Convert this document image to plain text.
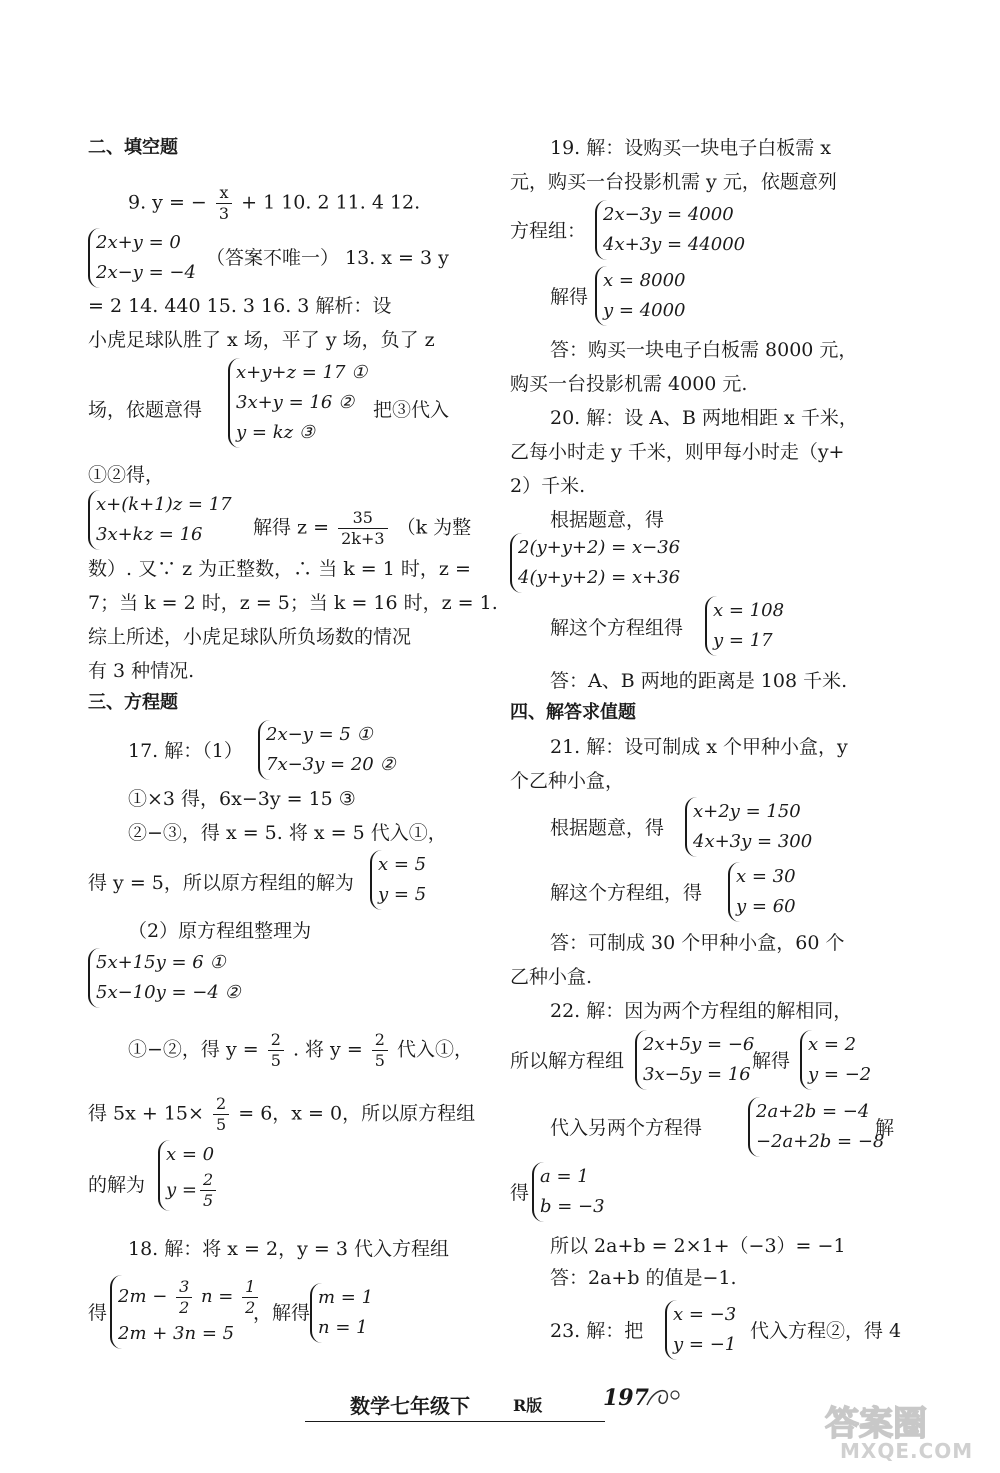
二、填空题
9. y = − $\frac{x}{3} + 1$ 10. 2 11. 4 12.
2x+y = 0
2x−y = −4
（答案不唯一） 13. x = 3 y
= 2 14. 440 15. 3 16. 3 解析：设
小虎足球队胜了 x 场，平了 y 场，负了 z
场，依题意得
x+y+z = 17 ①
3x+y = 16 ②
y = kz ③
把③代入
①②得，
x+(k+1)z = 17
3x+kz = 16	解得 $z = \frac{35}{2k+3} (k$ 为整
数）. 又∵ z 为正整数，∴ 当 k = 1 时，z =
7；当 k = 2 时，z = 5；当 k = 16 时，z = 1.
综上所述，小虎足球队所负场数的情况
有 3 种情况.
三、方程题
17. 解：（1）
2x−y = 5 ①
7x−3y = 20 ②
①×3 得，6x−3y = 15 ③
②−③，得 x = 5. 将 x = 5 代入①，
得 y = 5，所以原方程组的解为
x = 5
y = 5
（2）原方程组整理为
5x+15y = 6 ①
5x−10y = −4 ②
①−②，得 $y = \frac{2}{5}$ . 将 $y = \frac{2}{5}$ 代入①，
得 $5x + 15\times \frac{2}{5} = 6$，x = 0，所以原方程组
的解为
x = 0
$y = \frac{2}{5}$
18. 解：将 x = 2，y = 3 代入方程组
得
$2m - \frac{3}{2}$ $n = \frac{1}{2}$
2m + 3n = 5
，解得
m = 1
n = 1
19. 解：设购买一块电子白板需 x
元，购买一台投影机需 y 元，依题意列
方程组：
2x−3y = 4000
4x+3y = 44000
解得
x = 8000
y = 4000
答：购买一块电子白板需 8000 元，
购买一台投影机需 4000 元.
20. 解：设 A、B 两地相距 x 千米，
乙每小时走 y 千米，则甲每小时走（y+
2）千米.
根据题意，得
2(y+y+2) = x−36
4(y+y+2) = x+36
解这个方程组得
x = 108
y = 17
答：A、B 两地的距离是 108 千米.
四、解答求值题
21. 解：设可制成 x 个甲种小盒，y
个乙种小盒，
根据题意，得
x+2y = 150
4x+3y = 300
解这个方程组，得
x = 30
y = 60
答：可制成 30 个甲种小盒，60 个
乙种小盒.
22. 解：因为两个方程组的解相同，
所以解方程组
2x+5y = −6
3x−5y = 16
解得
x = 2
y = −2
代入另两个方程得
2a+2b = −4
−2a+2b = −8
解
得
a = 1
b = −3
所以 2a+b = 2×1+（−3）= −1
答：2a+b 的值是−1.
23. 解：把
x = −3
y = −1
代入方程②，得 4
数学七年级下	R版	197
答案圈
MXQE.COM
